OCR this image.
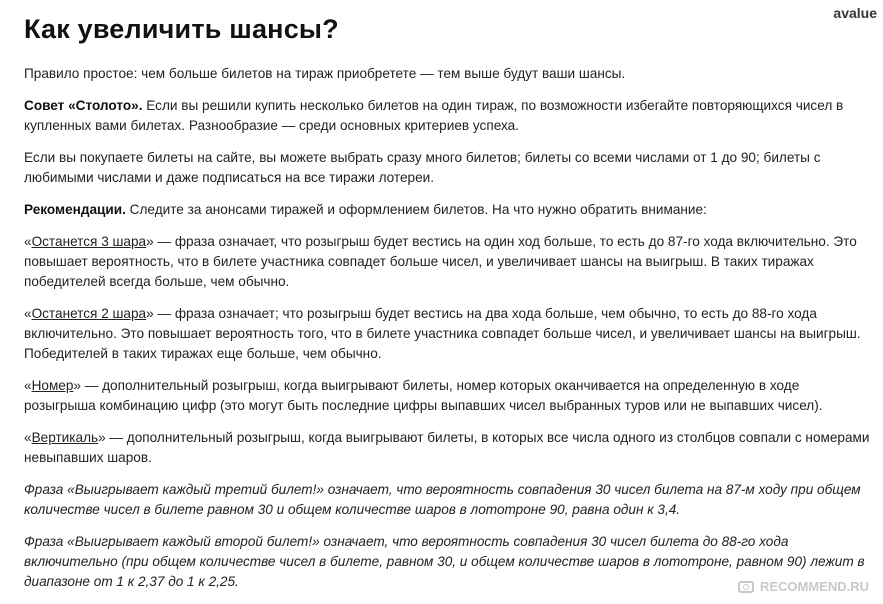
avalue
Как увеличить шансы?

Правило простое: чем больше билетов на тираж приобретете — тем выше будут ваши шансы.

Совет «Столото». Если вы решили купить несколько билетов на один тираж, по возможности избегайте повторяющихся чисел в купленных вами билетах. Разнообразие — среди основных критериев успеха.

Если вы покупаете билеты на сайте, вы можете выбрать сразу много билетов; билеты со всеми числами от 1 до 90; билеты с любимыми числами и даже подписаться на все тиражи лотереи.

Рекомендации. Следите за анонсами тиражей и оформлением билетов. На что нужно обратить внимание:

«Останется 3 шара» — фраза означает, что розыгрыш будет вестись на один ход больше, то есть до 87-го хода включительно. Это повышает вероятность, что в билете участника совпадет больше чисел, и увеличивает шансы на выигрыш. В таких тиражах победителей всегда больше, чем обычно.

«Останется 2 шара» — фраза означает; что розыгрыш будет вестись на два хода больше, чем обычно, то есть до 88-го хода включительно. Это повышает вероятность того, что в билете участника совпадет больше чисел, и увеличивает шансы на выигрыш. Победителей в таких тиражах еще больше, чем обычно.

«Номер» — дополнительный розыгрыш, когда выигрывают билеты, номер которых оканчивается на определенную в ходе розыгрыша комбинацию цифр (это могут быть последние цифры выпавших чисел выбранных туров или не выпавших чисел).

«Вертикаль» — дополнительный розыгрыш, когда выигрывают билеты, в которых все числа одного из столбцов совпали с номерами невыпавших шаров.

Фраза «Выигрывает каждый третий билет!» означает, что вероятность совпадения 30 чисел билета на 87-м ходу при общем количестве чисел в билете равном 30 и общем количестве шаров в лототроне 90, равна один к 3,4.

Фраза «Выигрывает каждый второй билет!» означает, что вероятность совпадения 30 чисел билета до 88-го хода включительно (при общем количестве чисел в билете, равном 30, и общем количестве шаров в лототроне, равном 90) лежит в диапазоне от 1 к 2,37 до 1 к 2,25.	RECOMMEND.RU
